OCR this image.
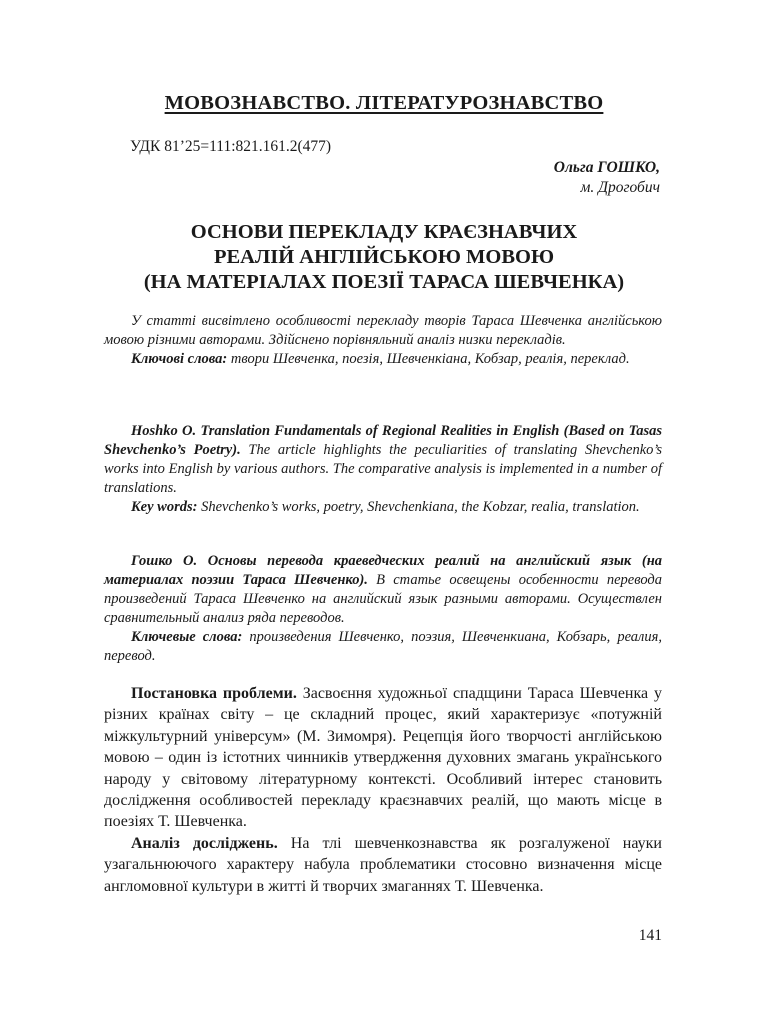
МОВОЗНАВСТВО. ЛІТЕРАТУРОЗНАВСТВО
УДК 81’25=111:821.161.2(477)
Ольга ГОШКО,
м. Дрогобич
ОСНОВИ ПЕРЕКЛАДУ КРАЄЗНАВЧИХ
РЕАЛІЙ АНГЛІЙСЬКОЮ МОВОЮ
(НА МАТЕРІАЛАХ ПОЕЗІЇ ТАРАСА ШЕВЧЕНКА)

У статті висвітлено особливості перекладу творів Тараса Шевченка англійською мовою різними авторами. Здійснено порівняльний аналіз низки перекладів.

Ключові слова: твори Шевченка, поезія, Шевченкіана, Кобзар, реалія, переклад.

Hoshko O. Translation Fundamentals of Regional Realities in English (Based on Tasas Shevchenko’s Poetry). The article highlights the peculiarities of translating Shevchenko’s works into English by various authors. The comparative analysis is implemented in a number of translations.

Key words: Shevchenko’s works, poetry, Shevchenkiana, the Kobzar, realia, translation.

Гошко О. Основы перевода краеведческих реалий на английский язык (на материалах поэзии Тараса Шевченко). В статье освещены особенности перевода произведений Тараса Шевченко на английский язык разными авторами. Осуществлен сравнительный анализ ряда переводов.

Ключевые слова: произведения Шевченко, поэзия, Шевченкиана, Кобзарь, реалия, перевод.

Постановка проблеми. Засвоєння художньої спадщини Тараса Шевченка у різних країнах світу – це складний процес, який характеризує «потужній міжкультурний універсум» (М. Зимомря). Рецепція його творчості англійською мовою – один із істотних чинників утвердження духовних змагань українського народу у світовому літературному контексті. Особливий інтерес становить дослідження особливостей перекладу краєзнавчих реалій, що мають місце в поезіях Т. Шевченка.

Аналіз досліджень. На тлі шевченкознавства як розгалуженої науки узагальнюючого характеру набула проблематики стосовно визначення місце англомовної культури в житті й творчих змаганнях Т. Шевченка.

141
